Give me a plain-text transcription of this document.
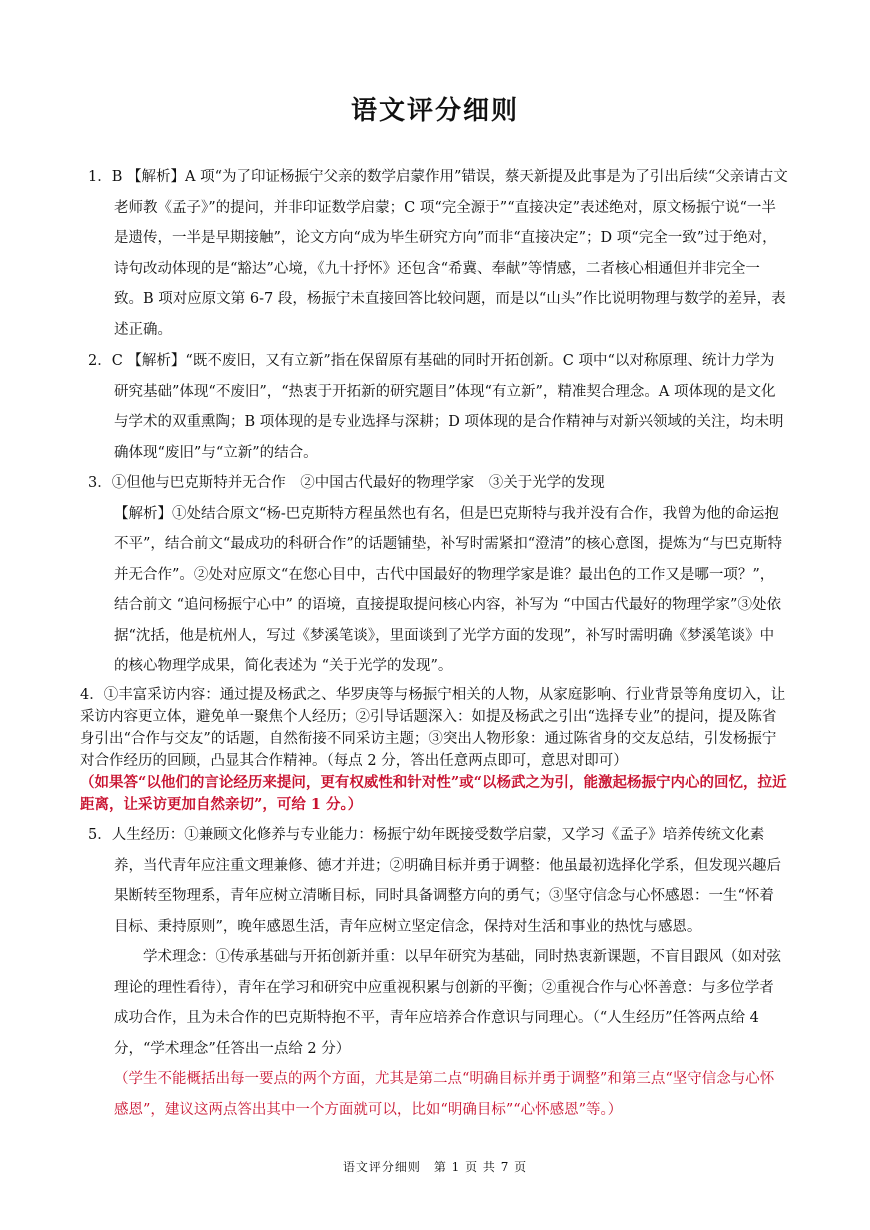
语文评分细则

1．B 【解析】A 项“为了印证杨振宁父亲的数学启蒙作用”错误，蔡天新提及此事是为了引出后续“父亲请古文老师教《孟子》”的提问，并非印证数学启蒙；C 项“完全源于”“直接决定”表述绝对，原文杨振宁说“一半是遗传，一半是早期接触”，论文方向“成为毕生研究方向”而非“直接决定”；D 项“完全一致”过于绝对，诗句改动体现的是“豁达”心境，《九十抒怀》还包含“希冀、奉献”等情感，二者核心相通但并非完全一致。B 项对应原文第 6-7 段，杨振宁未直接回答比较问题，而是以“山头”作比说明物理与数学的差异，表述正确。

2．C 【解析】“既不废旧，又有立新”指在保留原有基础的同时开拓创新。C 项中“以对称原理、统计力学为研究基础”体现“不废旧”，“热衷于开拓新的研究题目”体现“有立新”，精准契合理念。A 项体现的是文化与学术的双重熏陶；B 项体现的是专业选择与深耕；D 项体现的是合作精神与对新兴领域的关注，均未明确体现“废旧”与“立新”的结合。

3．①但他与巴克斯特并无合作　②中国古代最好的物理学家　③关于光学的发现

【解析】①处结合原文“杨-巴克斯特方程虽然也有名，但是巴克斯特与我并没有合作，我曾为他的命运抱不平”，结合前文“最成功的科研合作”的话题铺垫，补写时需紧扣“澄清”的核心意图，提炼为“与巴克斯特并无合作”。②处对应原文“在您心目中，古代中国最好的物理学家是谁？最出色的工作又是哪一项？”，结合前文 “追问杨振宁心中” 的语境，直接提取提问核心内容，补写为 “中国古代最好的物理学家”③处依据“沈括，他是杭州人，写过《梦溪笔谈》，里面谈到了光学方面的发现”，补写时需明确《梦溪笔谈》中的核心物理学成果，简化表述为 “关于光学的发现”。

4．①丰富采访内容：通过提及杨武之、华罗庚等与杨振宁相关的人物，从家庭影响、行业背景等角度切入，让采访内容更立体，避免单一聚焦个人经历；②引导话题深入：如提及杨武之引出“选择专业”的提问，提及陈省身引出“合作与交友”的话题，自然衔接不同采访主题；③突出人物形象：通过陈省身的交友总结，引发杨振宁对合作经历的回顾，凸显其合作精神。（每点 2 分，答出任意两点即可，意思对即可）

（如果答“以他们的言论经历来提问，更有权威性和针对性”或“以杨武之为引，能激起杨振宁内心的回忆，拉近距离，让采访更加自然亲切”，可给 1 分。）

5．人生经历：①兼顾文化修养与专业能力：杨振宁幼年既接受数学启蒙，又学习《孟子》培养传统文化素养，当代青年应注重文理兼修、德才并进；②明确目标并勇于调整：他虽最初选择化学系，但发现兴趣后果断转至物理系，青年应树立清晰目标，同时具备调整方向的勇气；③坚守信念与心怀感恩：一生“怀着目标、秉持原则”，晚年感恩生活，青年应树立坚定信念，保持对生活和事业的热忱与感恩。

学术理念：①传承基础与开拓创新并重：以早年研究为基础，同时热衷新课题，不盲目跟风（如对弦理论的理性看待），青年在学习和研究中应重视积累与创新的平衡；②重视合作与心怀善意：与多位学者成功合作，且为未合作的巴克斯特抱不平，青年应培养合作意识与同理心。（“人生经历”任答两点给 4 分，“学术理念”任答出一点给 2 分）

（学生不能概括出每一要点的两个方面，尤其是第二点“明确目标并勇于调整”和第三点“坚守信念与心怀感恩”，建议这两点答出其中一个方面就可以，比如“明确目标”“心怀感恩”等。）

语文评分细则　第 1 页 共 7 页
